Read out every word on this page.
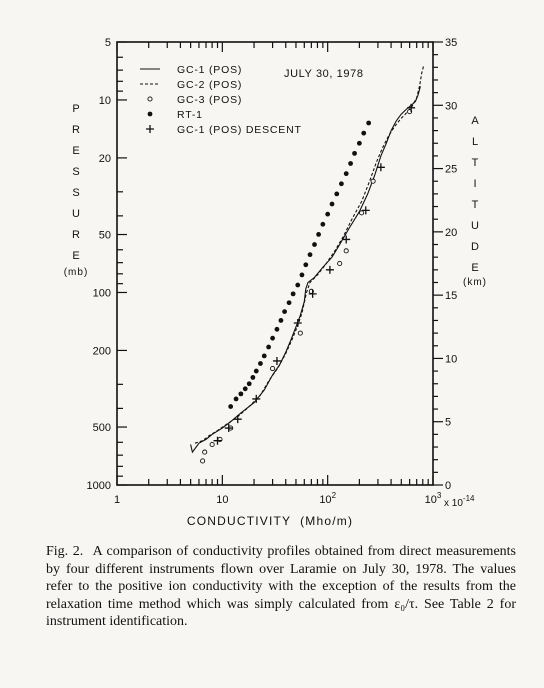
1	10	$10^2$	$10^3$
5
10
20
50
100
200
500
1000	0
5
10
15
20
25
30
35
GC-1 (POS)
GC-2 (POS)
GC-3 (POS)
RT-1
GC-1 (POS) DESCENT
JULY 30, 1978
P
R
E
S
S
U
R
E
(mb)
A
L
T
I
T
U
D
E
(km)
CONDUCTIVITY  (Mho/m)
x $10^{-14}$
Fig. 2. A comparison of conductivity profiles obtained from direct measurements by four different instruments flown over Laramie on July 30, 1978. The values refer to the positive ion conductivity with the exception of the results from the relaxation time method which was simply calculated from ε₀/τ. See Table 2 for instrument identification.
